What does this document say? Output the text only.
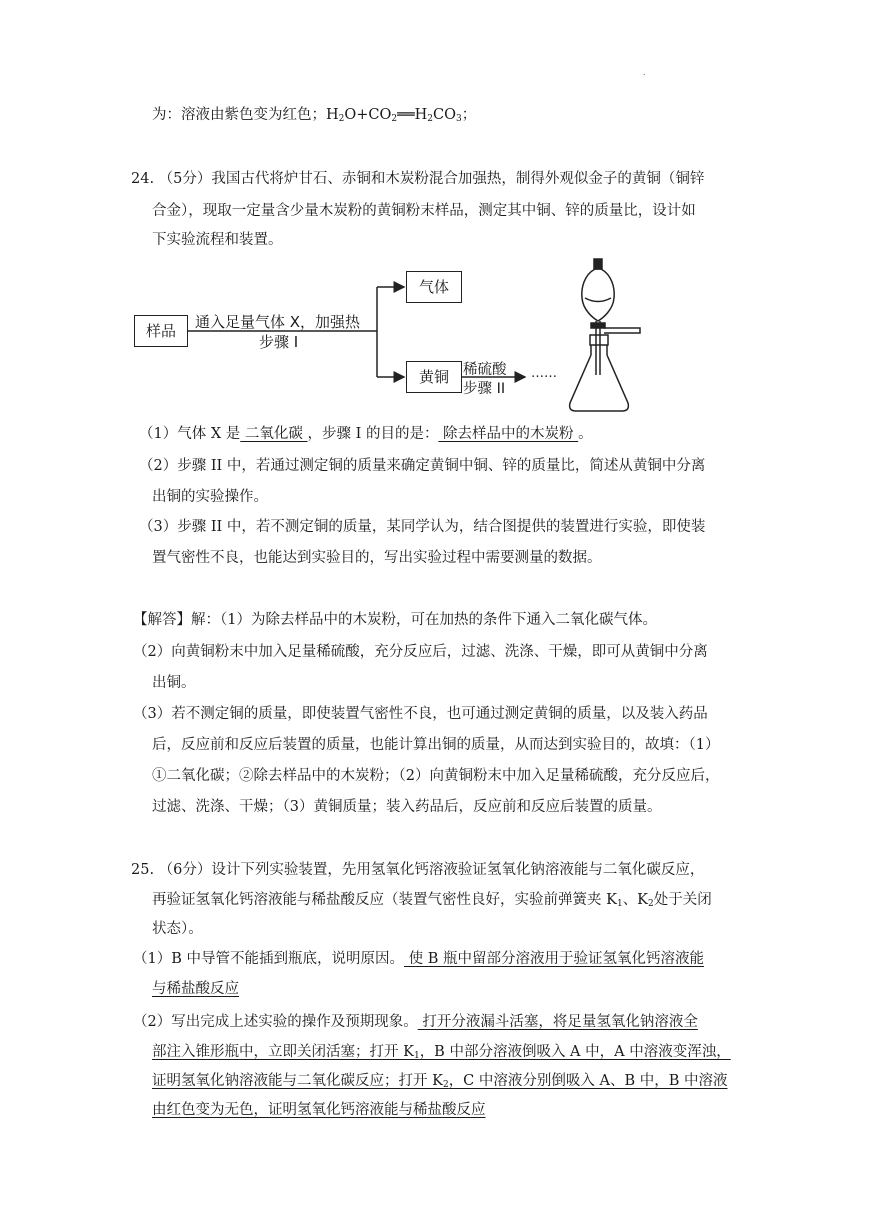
.
为：溶液由紫色变为红色；$H_2O+CO_2══H_2CO_3$；
24. （5分）我国古代将炉甘石、赤铜和木炭粉混合加强热，制得外观似金子的黄铜（铜锌
合金），现取一定量含少量木炭粉的黄铜粉末样品，测定其中铜、锌的质量比，设计如
下实验流程和装置。
样品
气体
黄铜
通入足量气体 X，加强热
步骤 I
稀硫酸
步骤 II
……
（1）气体 X 是 二氧化碳 ，步骤 I 的目的是： 除去样品中的木炭粉 。
（2）步骤 II 中，若通过测定铜的质量来确定黄铜中铜、锌的质量比，简述从黄铜中分离
出铜的实验操作。
（3）步骤 II 中，若不测定铜的质量，某同学认为，结合图提供的装置进行实验，即使装
置气密性不良，也能达到实验目的，写出实验过程中需要测量的数据。
【解答】解：（1）为除去样品中的木炭粉，可在加热的条件下通入二氧化碳气体。
（2）向黄铜粉末中加入足量稀硫酸，充分反应后，过滤、洗涤、干燥，即可从黄铜中分离
出铜。
（3）若不测定铜的质量，即使装置气密性不良，也可通过测定黄铜的质量，以及装入药品
后，反应前和反应后装置的质量，也能计算出铜的质量，从而达到实验目的，故填：（1）
①二氧化碳；②除去样品中的木炭粉；（2）向黄铜粉末中加入足量稀硫酸，充分反应后，
过滤、洗涤、干燥；（3）黄铜质量；装入药品后，反应前和反应后装置的质量。
25. （6分）设计下列实验装置，先用氢氧化钙溶液验证氢氧化钠溶液能与二氧化碳反应，
再验证氢氧化钙溶液能与稀盐酸反应（装置气密性良好，实验前弹簧夹 $K_1$、$K_2$处于关闭
状态）。
（1）B 中导管不能插到瓶底，说明原因。 使 B 瓶中留部分溶液用于验证氢氧化钙溶液能
与稀盐酸反应
（2）写出完成上述实验的操作及预期现象。 打开分液漏斗活塞，将足量氢氧化钠溶液全
部注入锥形瓶中，立即关闭活塞；打开 $K_1$，B 中部分溶液倒吸入 A 中，A 中溶液变浑浊，
证明氢氧化钠溶液能与二氧化碳反应；打开 $K_2$，C 中溶液分别倒吸入 A、B 中，B 中溶液
由红色变为无色，证明氢氧化钙溶液能与稀盐酸反应
